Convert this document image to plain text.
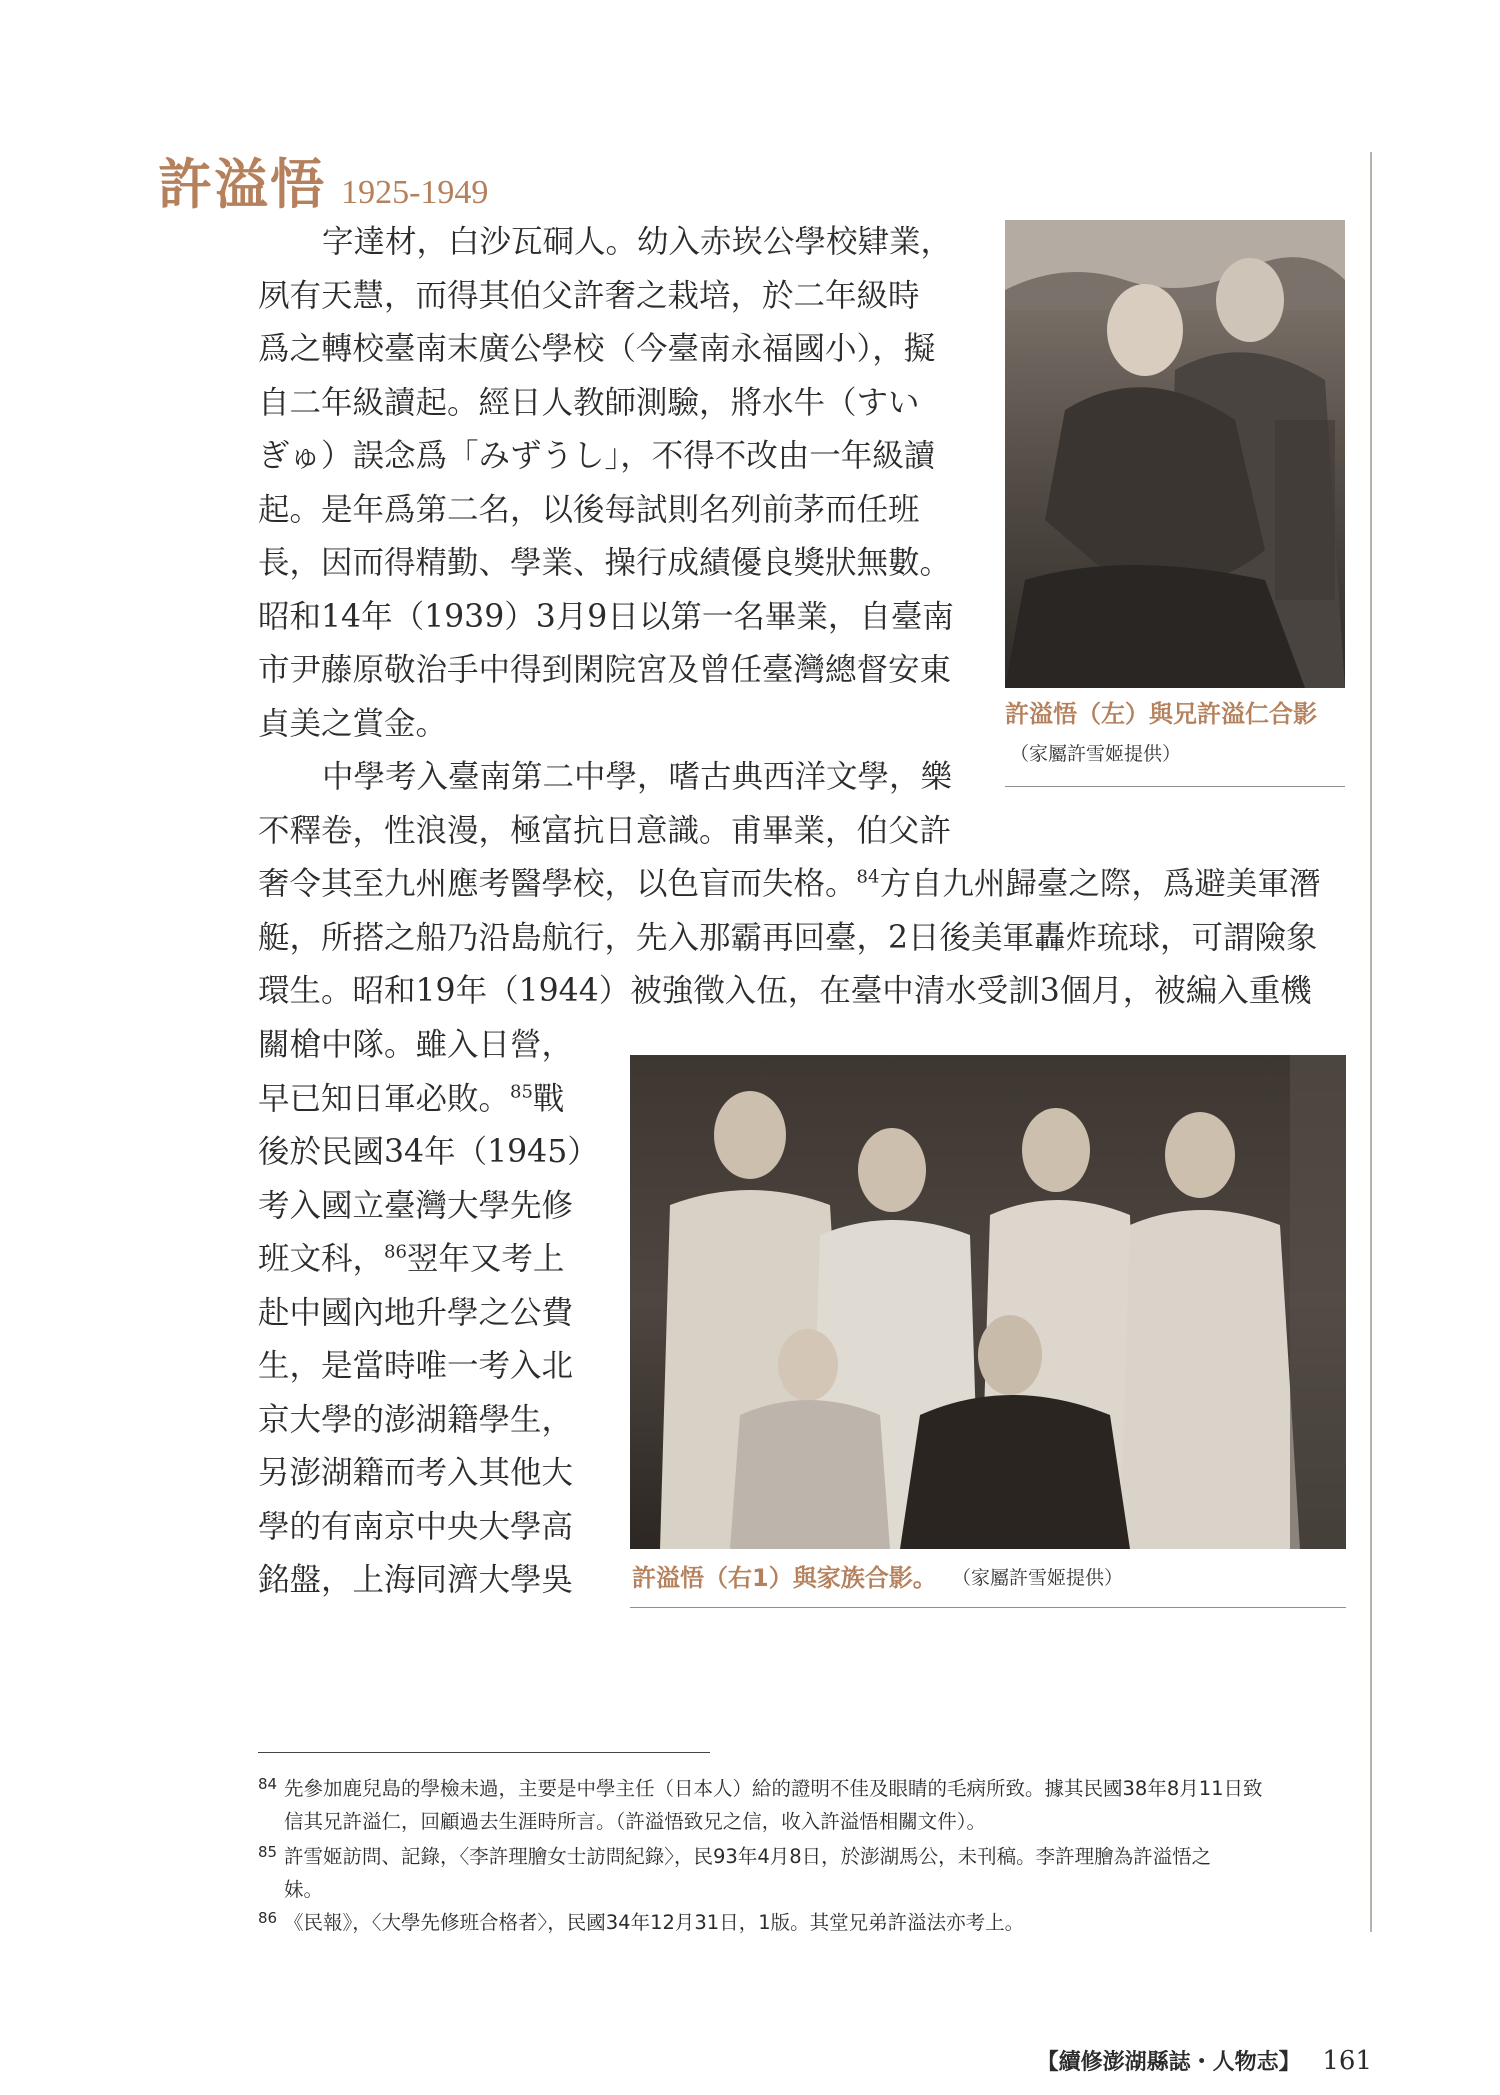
許溢悟 1925-1949
字達材，白沙瓦硐人。幼入赤崁公學校肄業，
夙有天慧，而得其伯父許奢之栽培，於二年級時
爲之轉校臺南末廣公學校（今臺南永福國小），擬
自二年級讀起。經日人教師測驗，將水牛（すい
ぎゅ）誤念爲「みずうし」，不得不改由一年級讀
起。是年爲第二名，以後每試則名列前茅而任班
長，因而得精勤、學業、操行成績優良獎狀無數。
昭和14年（1939）3月9日以第一名畢業，自臺南
市尹藤原敬治手中得到閑院宮及曾任臺灣總督安東
貞美之賞金。
中學考入臺南第二中學，嗜古典西洋文學，樂
不釋卷，性浪漫，極富抗日意識。甫畢業，伯父許
奢令其至九州應考醫學校，以色盲而失格。$^{84}$方自九州歸臺之際，爲避美軍潛
艇，所搭之船乃沿島航行，先入那霸再回臺，2日後美軍轟炸琉球，可謂險象
環生。昭和19年（1944）被強徵入伍，在臺中清水受訓3個月，被編入重機
關槍中隊。雖入日營，
早已知日軍必敗。$^{85}$戰
後於民國34年（1945）
考入國立臺灣大學先修
班文科，$^{86}$翌年又考上
赴中國內地升學之公費
生，是當時唯一考入北
京大學的澎湖籍學生，
另澎湖籍而考入其他大
學的有南京中央大學高
銘盤，上海同濟大學吳
許溢悟（左）與兄許溢仁合影
（家屬許雪姬提供）
許溢悟（右1）與家族合影。 （家屬許雪姬提供）
84 先參加鹿兒島的學檢未過，主要是中學主任（日本人）給的證明不佳及眼睛的毛病所致。據其民國38年8月11日致
信其兄許溢仁，回顧過去生涯時所言。（許溢悟致兄之信，收入許溢悟相關文件）。
85 許雪姬訪問、記錄，〈李許理膾女士訪問紀錄〉，民93年4月8日，於澎湖馬公，未刊稿。李許理膾為許溢悟之
妹。
86 《民報》，〈大學先修班合格者〉，民國34年12月31日，1版。其堂兄弟許溢法亦考上。
【續修澎湖縣誌・人物志】 161
